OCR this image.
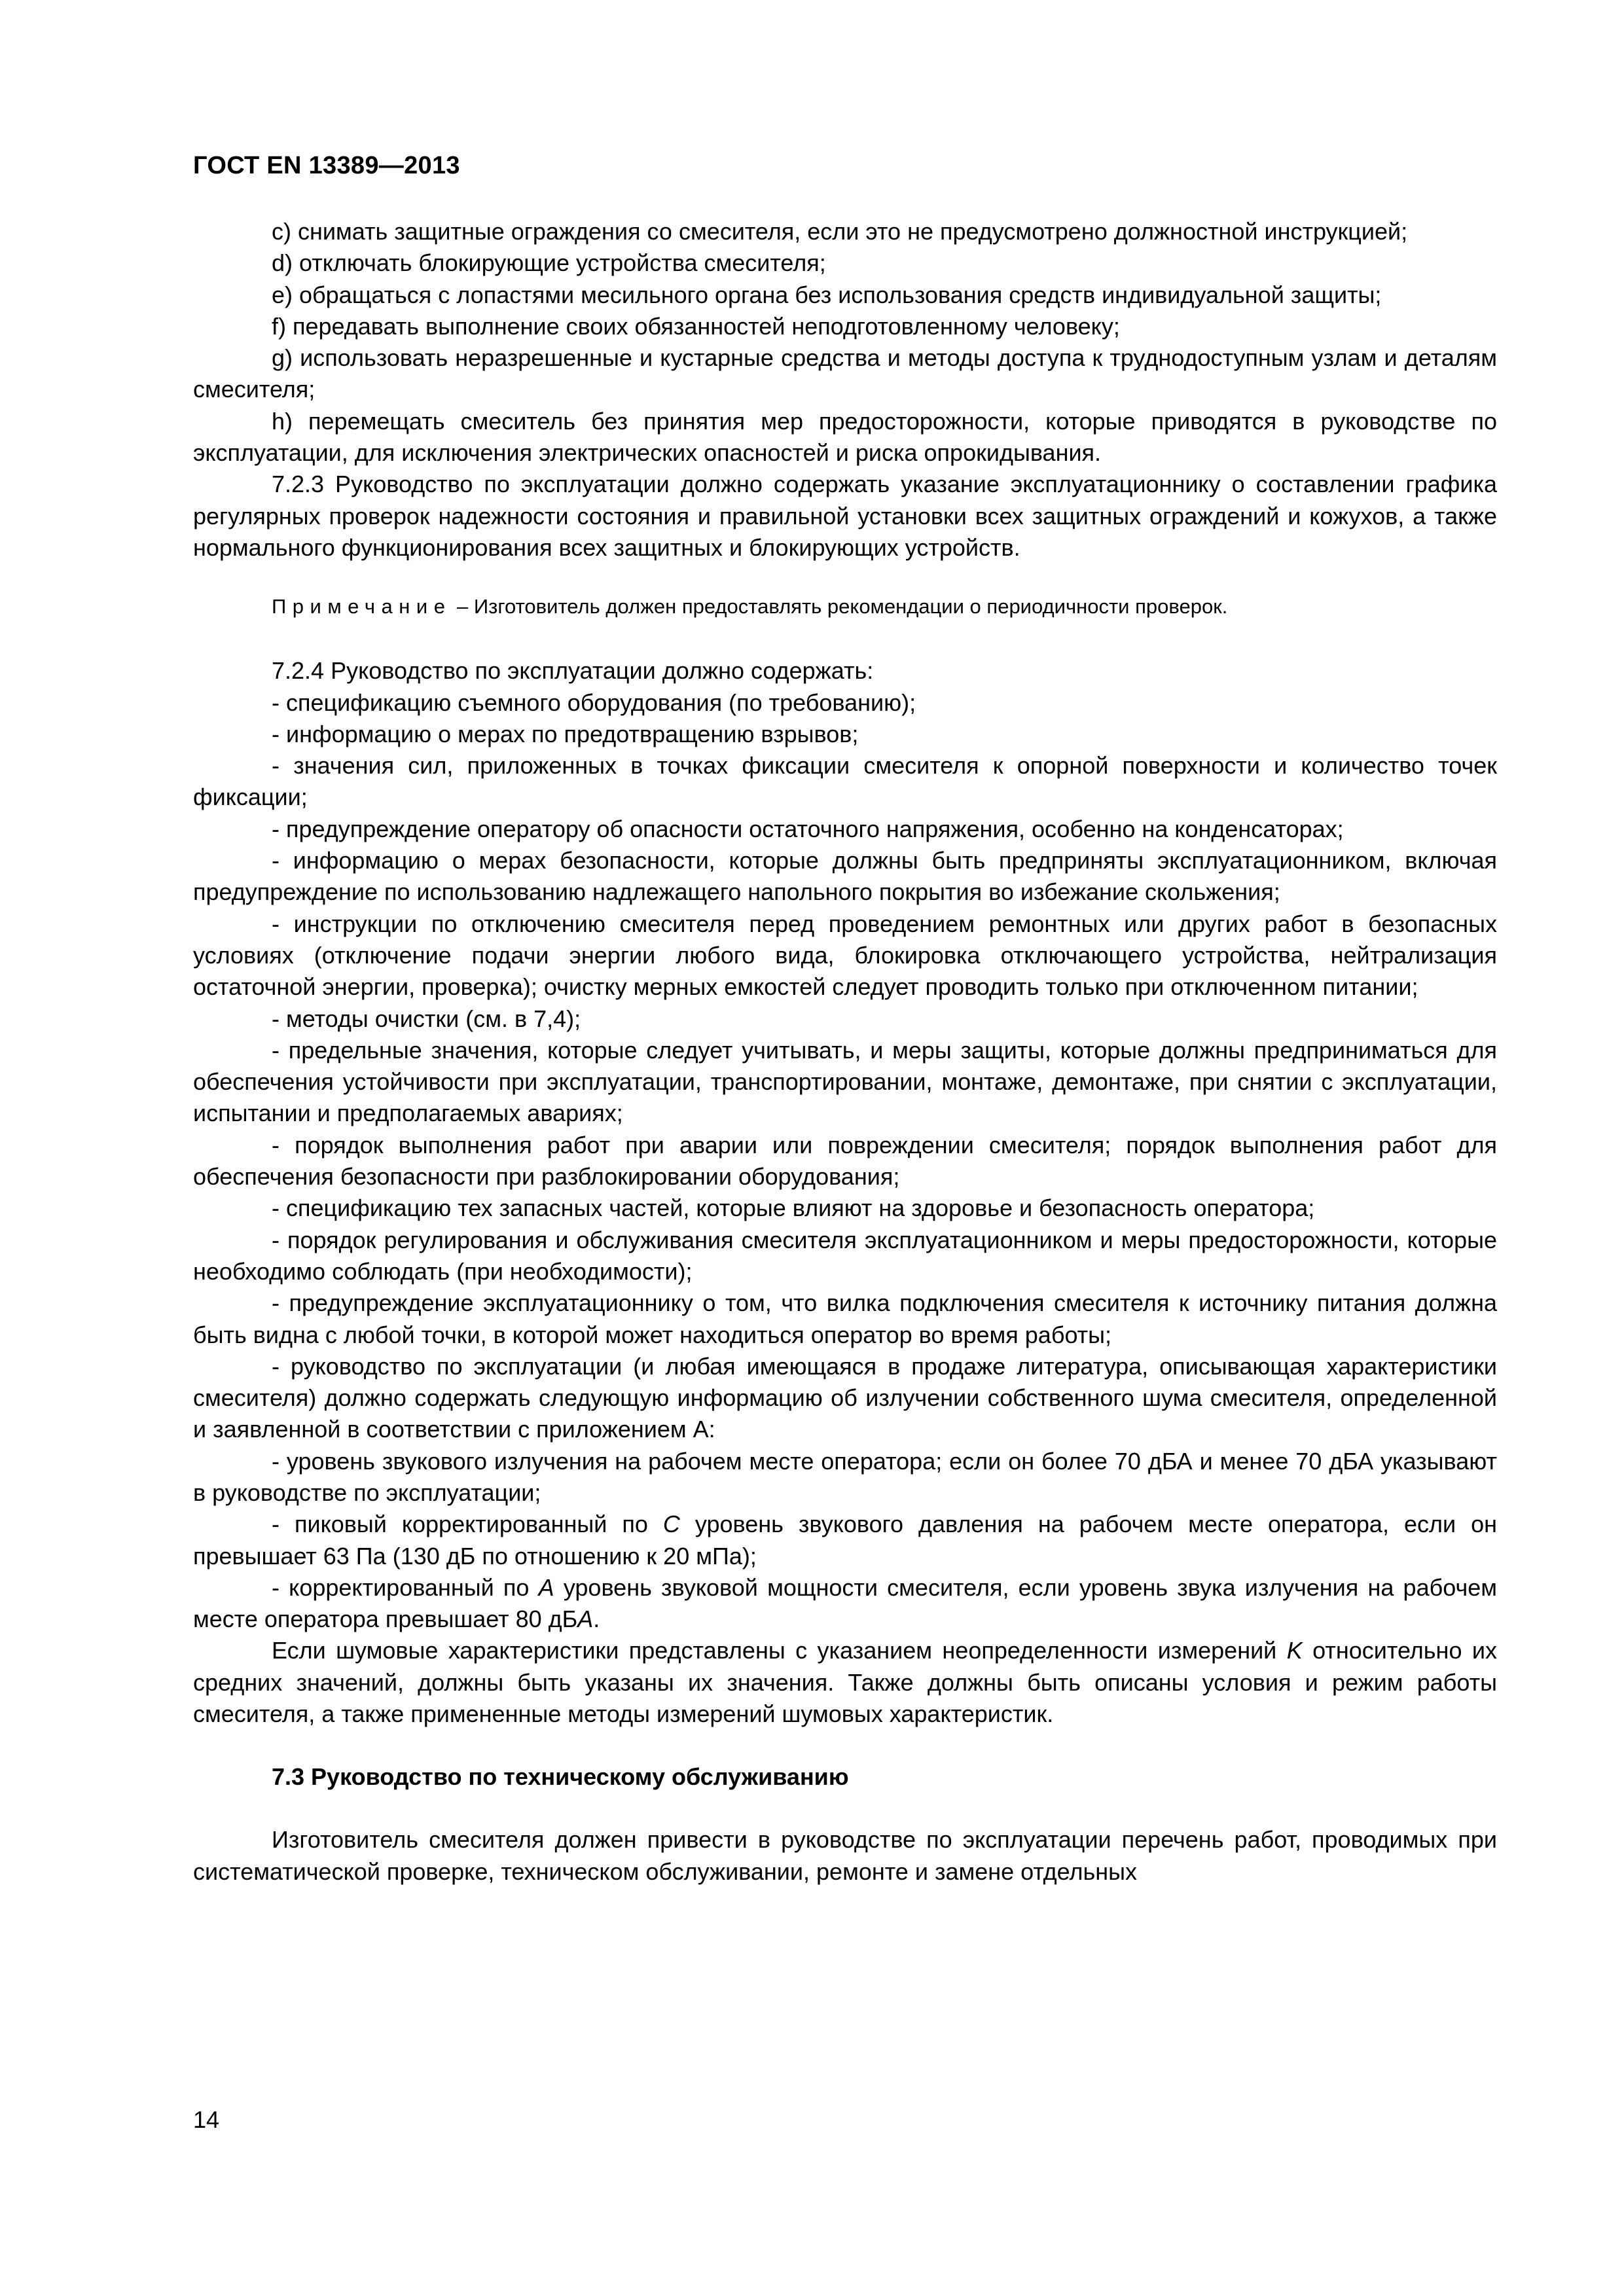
ГОСТ EN 13389—2013

c) снимать защитные ограждения со смесителя, если это не предусмотрено должностной инструкцией;

d) отключать блокирующие устройства смесителя;

e) обращаться с лопастями месильного органа без использования средств индивидуальной защиты;

f) передавать выполнение своих обязанностей неподготовленному человеку;

g) использовать неразрешенные и кустарные средства и методы доступа к труднодоступным узлам и деталям смесителя;

h) перемещать смеситель без принятия мер предосторожности, которые приводятся в руководстве по эксплуатации, для исключения электрических опасностей и риска опрокидывания.

7.2.3 Руководство по эксплуатации должно содержать указание эксплуатационнику о составлении графика регулярных проверок надежности состояния и правильной установки всех защитных ограждений и кожухов, а также нормального функционирования всех защитных и блокирующих устройств.

Примечание – Изготовитель должен предоставлять рекомендации о периодичности проверок.

7.2.4 Руководство по эксплуатации должно содержать:

- спецификацию съемного оборудования (по требованию);

- информацию о мерах по предотвращению взрывов;

- значения сил, приложенных в точках фиксации смесителя к опорной поверхности и количество точек фиксации;

- предупреждение оператору об опасности остаточного напряжения, особенно на конденсаторах;

- информацию о мерах безопасности, которые должны быть предприняты эксплуатационником, включая предупреждение по использованию надлежащего напольного покрытия во избежание скольжения;

- инструкции по отключению смесителя перед проведением ремонтных или других работ в безопасных условиях (отключение подачи энергии любого вида, блокировка отключающего устройства, нейтрализация остаточной энергии, проверка); очистку мерных емкостей следует проводить только при отключенном питании;

- методы очистки (см. в 7,4);

- предельные значения, которые следует учитывать, и меры защиты, которые должны предприниматься для обеспечения устойчивости при эксплуатации, транспортировании, монтаже, демонтаже, при снятии с эксплуатации, испытании и предполагаемых авариях;

- порядок выполнения работ при аварии или повреждении смесителя; порядок выполнения работ для обеспечения безопасности при разблокировании оборудования;

- спецификацию тех запасных частей, которые влияют на здоровье и безопасность оператора;

- порядок регулирования и обслуживания смесителя эксплуатационником и меры предосторожности, которые необходимо соблюдать (при необходимости);

- предупреждение эксплуатационнику о том, что вилка подключения смесителя к источнику питания должна быть видна с любой точки, в которой может находиться оператор во время работы;

- руководство по эксплуатации (и любая имеющаяся в продаже литература, описывающая характеристики смесителя) должно содержать следующую информацию об излучении собственного шума смесителя, определенной и заявленной в соответствии с приложением А:

- уровень звукового излучения на рабочем месте оператора; если он более 70 дБА и менее 70 дБА указывают в руководстве по эксплуатации;

- пиковый корректированный по C уровень звукового давления на рабочем месте оператора, если он превышает 63 Па (130 дБ по отношению к 20 мПа);

- корректированный по A уровень звуковой мощности смесителя, если уровень звука излучения на рабочем месте оператора превышает 80 дБA.

Если шумовые характеристики представлены с указанием неопределенности измерений K относительно их средних значений, должны быть указаны их значения. Также должны быть описаны условия и режим работы смесителя, а также примененные методы измерений шумовых характеристик.

7.3 Руководство по техническому обслуживанию

Изготовитель смесителя должен привести в руководстве по эксплуатации перечень работ, проводимых при систематической проверке, техническом обслуживании, ремонте и замене отдельных

14
